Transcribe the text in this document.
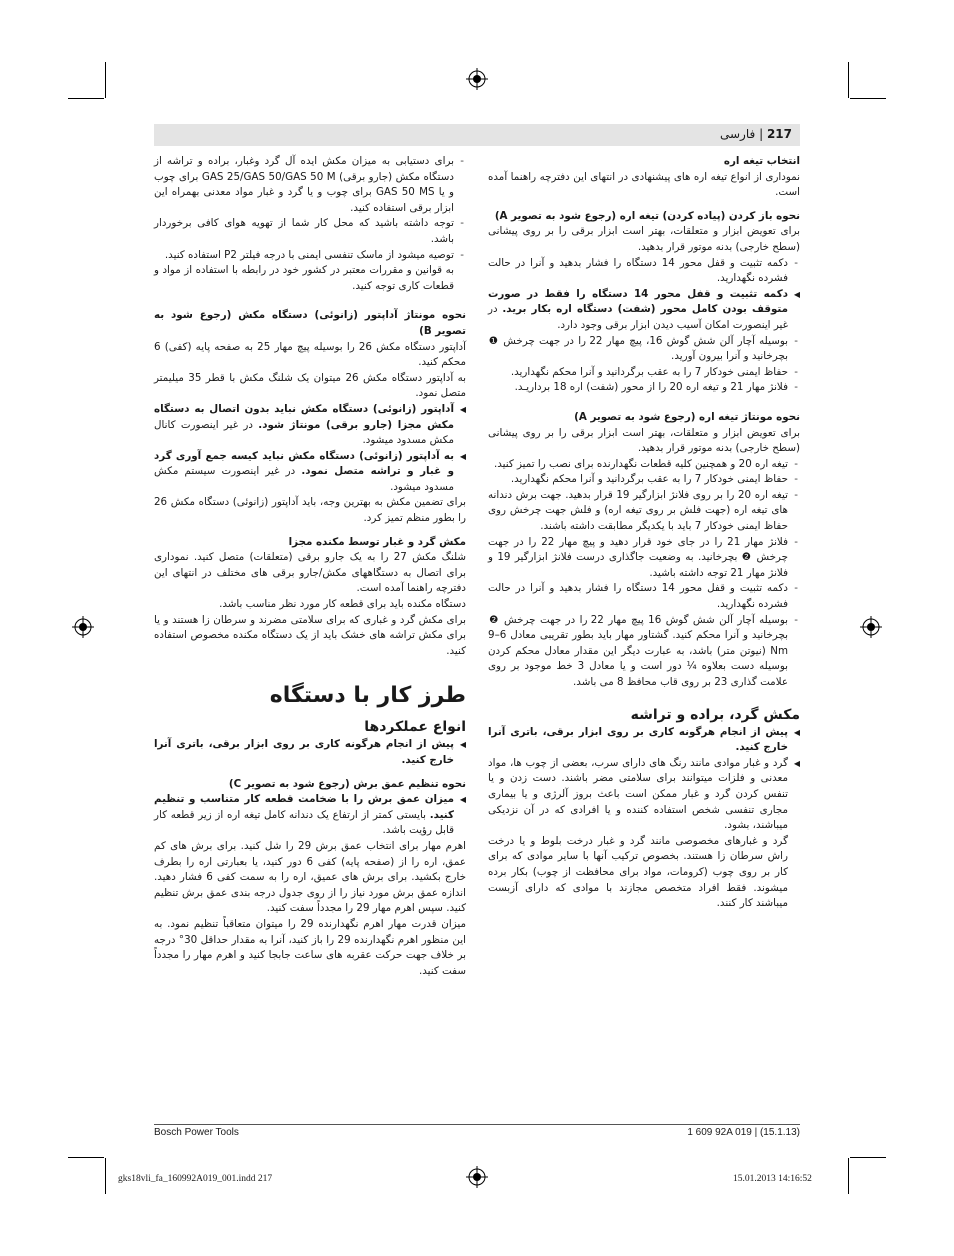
217 | فارسی
انتخاب تیغه اره

نموداری از انواع تیغه اره های پیشنهادی در انتهای این دفترچه راهنما آمده است.

نحوه باز کردن (پیاده کردن) تیغه اره (رجوع شود به تصویر A)

برای تعویض ابزار و متعلقات، بهتر است ابزار برقی را بر روی پیشانی (سطح خارجی) بدنه موتور قرار بدهید.

- دکمه تثبیت و قفل محور 14 دستگاه را فشار بدهید و آنرا در حالت فشرده نگهدارید.
◀ دکمه تثبیت و قفل محور 14 دستگاه را فقط در صورت متوقف بودن کامل محور (شفت) دستگاه اره بکار برید. در غیر اینصورت امکان آسیب دیدن ابزار برقی وجود دارد.
- بوسیله آچار آلن شش گوش 16، پیچ مهار 22 را در جهت چرخش ❶ بچرخانید و آنرا بیرون آورید.
- حفاظ ایمنی خودکار 7 را به عقب برگردانید و آنرا محکم نگهدارید.
- فلانژ مهار 21 و تیغه اره 20 را از محور (شفت) اره 18 برداریـد.
نحوه مونتاژ تیغه اره (رجوع شود به تصویر A)

برای تعویض ابزار و متعلقات، بهتر است ابزار برقی را بر روی پیشانی (سطح خارجی) بدنه موتور قرار بدهید.

- تیغه اره 20 و همچنین کلیه قطعات نگهدارنده برای نصب را تمیز کنید.
- حفاظ ایمنی خودکار 7 را به عقب برگردانید و آنرا محکم نگهدارید.
- تیغه اره 20 را بر روی فلانژ ابزارگیر 19 قرار بدهید. جهت برش دندانه های تیغه اره (جهت فلش بر روی تیغه اره) و فلش جهت چرخش روی حفاظ ایمنی خودکار 7 باید با یکدیگر مطابقت داشته باشند.
- فلانژ مهار 21 را در جای خود قرار دهید و پیچ مهار 22 را در جهت چرخش ❷ بچرخانید. به وضعیت جاگذاری درست فلانژ ابزارگیر 19 و فلانژ مهار 21 توجه داشته باشید.
- دکمه تثبیت و قفل محور 14 دستگاه را فشار بدهید و آنرا در حالت فشرده نگهدارید.
- بوسیله آچار آلن شش گوش 16 پیچ مهار 22 را در جهت چرخش ❷ بچرخانید و آنرا محکم کنید. گشتاور مهار باید بطور تقریبی معادل 6–9 Nm (نیوتن متر) باشد، به عبارت دیگر این مقدار معادل محکم کردن بوسیله دست بعلاوه ¼ دور است و یا معادل 3 خط موجود بر روی علامت گذاری 23 بر روی قاب محافظ 8 می باشد.
مکش گرد، براده و تراشه
◀ پیش از انجام هرگونه کاری بر روی ابزار برقی، باتری آنرا خارج کنید.
◀ گرد و غبار موادی مانند رنگ های دارای سرب، بعضی از چوب ها، مواد معدنی و فلزات میتوانند برای سلامتی مضر باشند. دست زدن و یا تنفس کردن گرد و غبار ممکن است باعث بروز آلرژی و یا بیماری مجاری تنفسی شخص استفاده کننده و یا افرادی که در آن نزدیکی میباشند، بشود.

گرد و غبارهای مخصوصی مانند گرد و غبار درخت بلوط و یا درخت راش سرطان زا هستند. بخصوص ترکیب آنها با سایر موادی که برای کار بر روی چوب (کرومات، مواد برای محافظت از چوب) بکار برده میشوند. فقط افراد متخصص مجازند با موادی که دارای آزبست میباشند کار کنند.

- برای دستیابی به میزان مکش ایده آل گرد وغبار، براده و تراشه از دستگاه مکش (جارو برقی) GAS 25/GAS 50/GAS 50 M برای چوب و یا GAS 50 MS برای چوب و یا گرد و غبار مواد معدنی بهمراه این ابزار برقی استفاده کنید.
- توجه داشته باشید که محل کار شما از تهویه هوای کافی برخوردار باشد.
- توصیه میشود از ماسک تنفسی ایمنی با درجه فیلتر P2 استفاده کنید.

به قوانین و مقررات معتبر در کشور خود در رابطه با استفاده از مواد و قطعات کاری توجه کنید.

نحوه مونتاژ آداپتور (زانوئی) دستگاه مکش (رجوع شود به تصویر B)

آداپتور دستگاه مکش 26 را بوسیله پیچ مهار 25 به صفحه پایه (کفی) 6 محکم کنید.

به آداپتور دستگاه مکش 26 میتوان یک شلنگ مکش با قطر 35 میلیمتر متصل نمود.

◀ آداپتور (زانوئی) دستگاه مکش نباید بدون اتصال به دستگاه مکش مجزا (جارو برقی) مونتاژ شود. در غیر اینصورت کانال مکش مسدود میشود.
◀ به آداپتور (زانوئی) دستگاه مکش نباید کیسه جمع آوری گرد و غبار و تراشه متصل نمود. در غیر اینصورت سیستم مکش مسدود میشود.

برای تضمین مکش به بهترین وجه، باید آداپتور (زانوئی) دستگاه مکش 26 را بطور منظم تمیز کرد.

مکش گرد و غبار توسط مکنده مجزا

شلنگ مکش 27 را به یک جارو برقی (متعلقات) متصل کنید. نموداری برای اتصال به دستگاههای مکش/جارو برقی های مختلف در انتهای این دفترچه راهنما آمده است.

دستگاه مکنده باید برای قطعه کار مورد نظر مناسب باشد.

برای مکش گرد و غباری که برای سلامتی مضرند و سرطان زا هستند و یا برای مکش تراشه های خشک باید از یک دستگاه مکنده مخصوص استفاده کنید.

طرز کار با دستگاه
انواع عملکردها
◀ پیش از انجام هرگونه کاری بر روی ابزار برقی، باتری آنرا خارج کنید.
نحوه تنظیم عمق برش (رجوع شود به تصویر C)
◀ میزان عمق برش را با ضخامت قطعه کار متناسب و تنظیم کنید. بایستی کمتر از ارتفاع یک دندانه کامل تیغه اره از زیر قطعه کار قابل رؤیت باشد.

اهرم مهار برای انتخاب عمق برش 29 را شل کنید. برای برش های کم عمق، اره را از (صفحه پایه) کفی 6 دور کنید، یا بعبارتی اره را بطرف خارج بکشید. برای برش های عمیق، اره را به سمت کفی 6 فشار دهید. اندازه عمق برش مورد نیاز را از روی جدول درجه بندی عمق برش تنظیم کنید. سپس اهرم مهار 29 را مجدداً سفت کنید.

میزان قدرت مهار اهرم نگهدارنده 29 را میتوان متعاقباً تنظیم نمود. به این منظور اهرم نگهدارنده 29 را باز کنید، آنرا به مقدار حداقل 30° درجه بر خلاف جهت حرکت عقربه های ساعت جابجا کنید و اهرم مهار را مجدداً سفت کنید.

Bosch Power Tools	1 609 92A 019 | (15.1.13)
gks18vli_fa_160992A019_001.indd 217	15.01.2013 14:16:52
